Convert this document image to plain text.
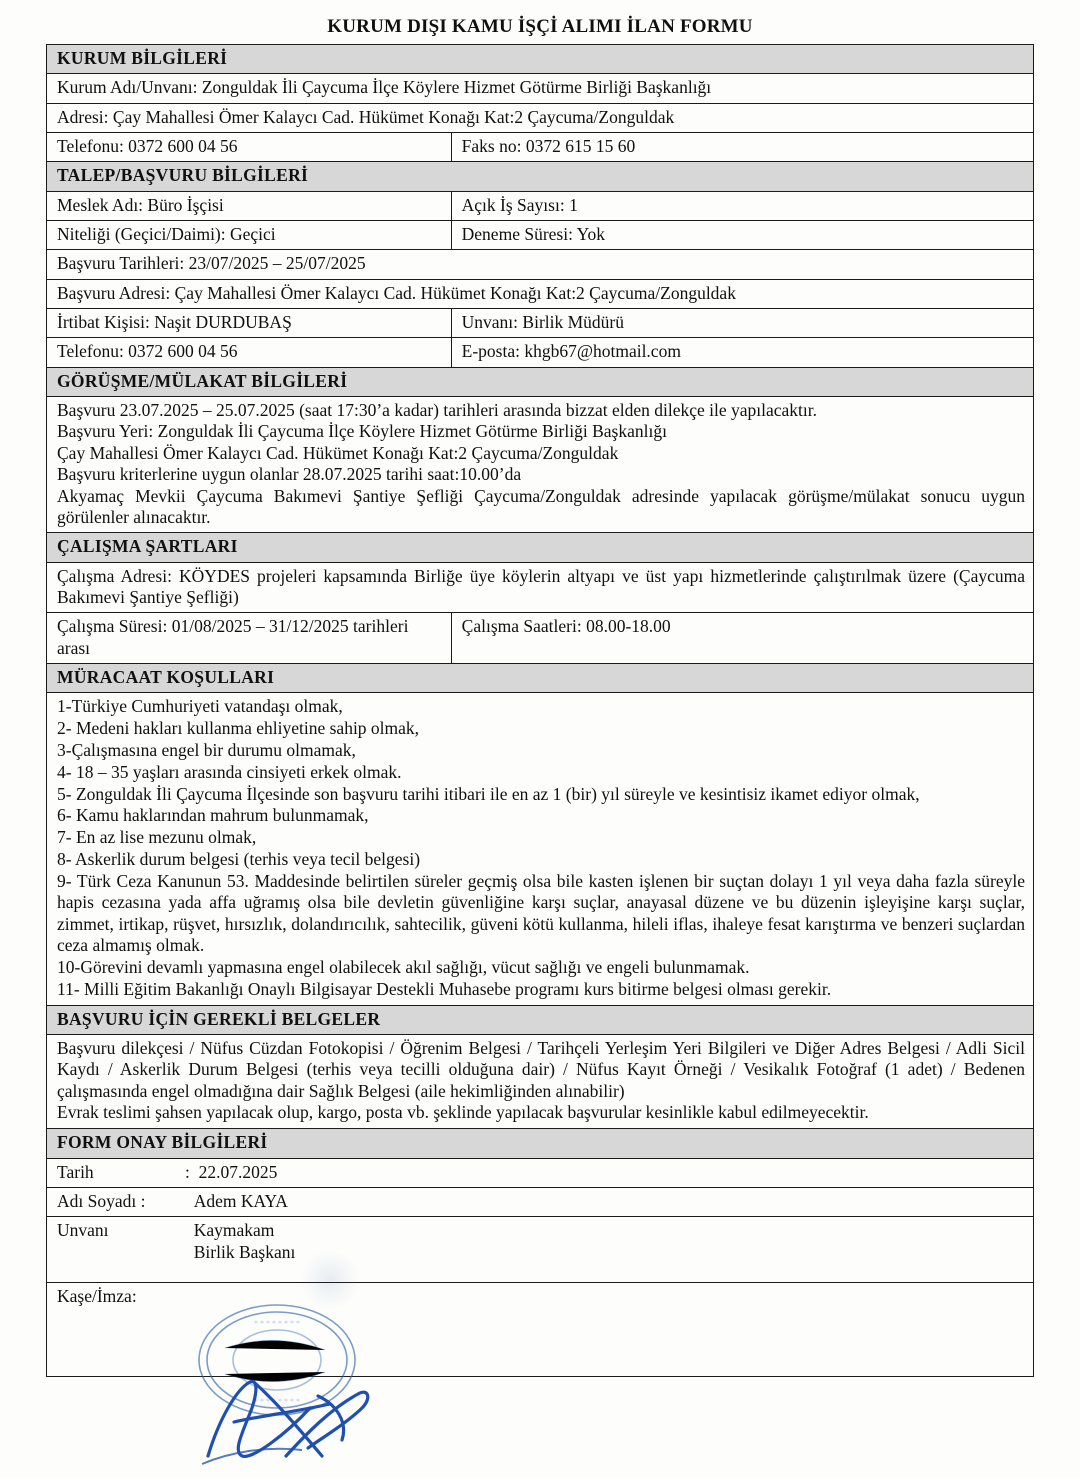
KURUM DIŞI KAMU İŞÇİ ALIMI İLAN FORMU
KURUM BİLGİLERİ	
Kurum Adı/Unvanı: Zonguldak İli Çaycuma İlçe Köylere Hizmet Götürme Birliği Başkanlığı	
Adresi: Çay Mahallesi Ömer Kalaycı Cad. Hükümet Konağı Kat:2 Çaycuma/Zonguldak	
Telefonu: 0372 600 04 56	Faks no: 0372 615 15 60
TALEP/BAŞVURU BİLGİLERİ	
Meslek Adı: Büro İşçisi	Açık İş Sayısı: 1
Niteliği (Geçici/Daimi): Geçici	Deneme Süresi: Yok
Başvuru Tarihleri: 23/07/2025 – 25/07/2025	
Başvuru Adresi: Çay Mahallesi Ömer Kalaycı Cad. Hükümet Konağı Kat:2 Çaycuma/Zonguldak	
İrtibat Kişisi: Naşit DURDUBAŞ	Unvanı: Birlik Müdürü
Telefonu: 0372 600 04 56	E-posta: khgb67@hotmail.com
GÖRÜŞME/MÜLAKAT BİLGİLERİ	

Başvuru 23.07.2025 – 25.07.2025 (saat 17:30’a kadar) tarihleri arasında bizzat elden dilekçe ile yapılacaktır.

Başvuru Yeri: Zonguldak İli Çaycuma İlçe Köylere Hizmet Götürme Birliği Başkanlığı

Çay Mahallesi Ömer Kalaycı Cad. Hükümet Konağı Kat:2 Çaycuma/Zonguldak

Başvuru kriterlerine uygun olanlar 28.07.2025 tarihi saat:10.00’da

Akyamaç Mevkii Çaycuma Bakımevi Şantiye Şefliği Çaycuma/Zonguldak adresinde yapılacak görüşme/mülakat sonucu uygun görülenler alınacaktır.	

ÇALIŞMA ŞARTLARI	
Çalışma Adresi: KÖYDES projeleri kapsamında Birliğe üye köylerin altyapı ve üst yapı hizmetlerinde çalıştırılmak üzere (Çaycuma Bakımevi Şantiye Şefliği)	
Çalışma Süresi: 01/08/2025 – 31/12/2025 tarihleri arası	Çalışma Saatleri: 08.00-18.00
MÜRACAAT KOŞULLARI	

1-Türkiye Cumhuriyeti vatandaşı olmak,

2- Medeni hakları kullanma ehliyetine sahip olmak,

3-Çalışmasına engel bir durumu olmamak,

4- 18 – 35 yaşları arasında cinsiyeti erkek olmak.

5- Zonguldak İli Çaycuma İlçesinde son başvuru tarihi itibari ile en az 1 (bir) yıl süreyle ve kesintisiz ikamet ediyor olmak,

6- Kamu haklarından mahrum bulunmamak,

7- En az lise mezunu olmak,

8- Askerlik durum belgesi (terhis veya tecil belgesi)

9- Türk Ceza Kanunun 53. Maddesinde belirtilen süreler geçmiş olsa bile kasten işlenen bir suçtan dolayı 1 yıl veya daha fazla süreyle hapis cezasına yada affa uğramış olsa bile devletin güvenliğine karşı suçlar, anayasal düzene ve bu düzenin işleyişine karşı suçlar, zimmet, irtikap, rüşvet, hırsızlık, dolandırıcılık, sahtecilik, güveni kötü kullanma, hileli iflas, ihaleye fesat karıştırma ve benzeri suçlardan ceza almamış olmak.

10-Görevini devamlı yapmasına engel olabilecek akıl sağlığı, vücut sağlığı ve engeli bulunmamak.

11- Milli Eğitim Bakanlığı Onaylı Bilgisayar Destekli Muhasebe programı kurs bitirme belgesi olması gerekir.

BAŞVURU İÇİN GEREKLİ BELGELER	

Başvuru dilekçesi / Nüfus Cüzdan Fotokopisi / Öğrenim Belgesi / Tarihçeli Yerleşim Yeri Bilgileri ve Diğer Adres Belgesi / Adli Sicil Kaydı / Askerlik Durum Belgesi (terhis veya tecilli olduğuna dair) / Nüfus Kayıt Örneği / Vesikalık Fotoğraf (1 adet) / Bedenen çalışmasında engel olmadığına dair Sağlık Belgesi (aile hekimliğinden alınabilir)

Evrak teslimi şahsen yapılacak olup, kargo, posta vb. şeklinde yapılacak başvurular kesinlikle kabul edilmeyecektir.	

FORM ONAY BİLGİLERİ	
Tarih : 22.07.2025	
Adı Soyadı : Adem KAYA	
Unvanı Kaymakam
Birlik Başkanı	
Kaşe/İmza:	
* * * * * * * *
* * * * * * * *
